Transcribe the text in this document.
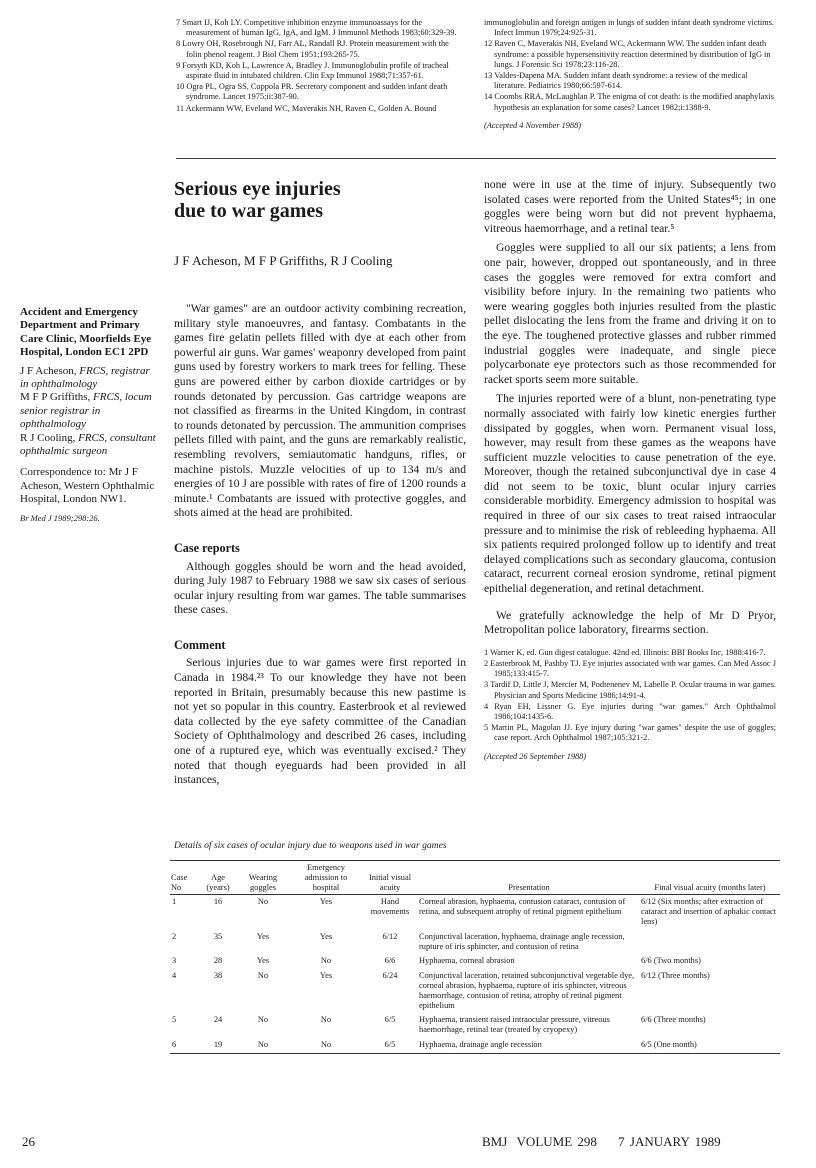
7 Smart IJ, Koh LY. Competitive inhibition enzyme immunoassays for the measurement of human IgG, IgA, and IgM. J Immunol Methods 1983;60:329-39.
8 Lowry OH, Rosebrough NJ, Farr AL, Randall RJ. Protein measurement with the folin phenol reagent. J Biol Chem 1951;193:265-75.
9 Forsyth KD, Koh L, Lawrence A, Bradley J. Immunoglobulin profile of tracheal aspirate fluid in intubated children. Clin Exp Immunol 1988;71:357-61.
10 Ogra PL, Ogra SS, Coppola PR. Secretory component and sudden infant death syndrome. Lancet 1975;ii:387-90.
11 Ackermann WW, Eveland WC, Maverakis NH, Raven C, Golden A. Bound
immunoglobulin and foreign antigen in lungs of sudden infant death syndrome victims. Infect Immun 1979;24:925-31.
12 Raven C, Maverakis NH, Eveland WC, Ackermann WW. The sudden infant death syndrome: a possible hypersensitivity reaction determined by distribution of IgG in lungs. J Forensic Sci 1978;23:116-28.
13 Valdes-Dapena MA. Sudden infant death syndrome: a review of the medical literature. Pediatrics 1980;66:597-614.
14 Coombs RRA, McLaughlan P. The enigma of cot death: is the modified anaphylaxis hypothesis an explanation for some cases? Lancet 1982;i:1388-9.
(Accepted 4 November 1988)
Serious eye injuries due to war games
J F Acheson, M F P Griffiths, R J Cooling

Accident and Emergency Department and Primary Care Clinic, Moorfields Eye Hospital, London EC1 2PD

J F Acheson, FRCS, registrar in ophthalmology
M F P Griffiths, FRCS, locum senior registrar in ophthalmology
R J Cooling, FRCS, consultant ophthalmic surgeon

Correspondence to: Mr J F Acheson, Western Ophthalmic Hospital, London NW1.

Br Med J 1989;298:26.

"War games" are an outdoor activity combining recreation, military style manoeuvres, and fantasy. Combatants in the games fire gelatin pellets filled with dye at each other from powerful air guns. War games' weaponry developed from paint guns used by forestry workers to mark trees for felling. These guns are powered either by carbon dioxide cartridges or by rounds detonated by percussion. Gas cartridge weapons are not classified as firearms in the United Kingdom, in contrast to rounds detonated by percussion. The ammunition comprises pellets filled with paint, and the guns are remarkably realistic, resembling revolvers, semiautomatic handguns, rifles, or machine pistols. Muzzle velocities of up to 134 m/s and energies of 10 J are possible with rates of fire of 1200 rounds a minute.¹ Combatants are issued with protective goggles, and shots aimed at the head are prohibited.

Case reports

Although goggles should be worn and the head avoided, during July 1987 to February 1988 we saw six cases of serious ocular injury resulting from war games. The table summarises these cases.

Comment

Serious injuries due to war games were first reported in Canada in 1984.²³ To our knowledge they have not been reported in Britain, presumably because this new pastime is not yet so popular in this country. Easterbrook et al reviewed data collected by the eye safety committee of the Canadian Society of Ophthalmology and described 26 cases, including one of a ruptured eye, which was eventually excised.² They noted that though eyeguards had been provided in all instances,

none were in use at the time of injury. Subsequently two isolated cases were reported from the United States⁴⁵; in one goggles were being worn but did not prevent hyphaema, vitreous haemorrhage, and a retinal tear.⁵

Goggles were supplied to all our six patients; a lens from one pair, however, dropped out spontaneously, and in three cases the goggles were removed for extra comfort and visibility before injury. In the remaining two patients who were wearing goggles both injuries resulted from the plastic pellet dislocating the lens from the frame and driving it on to the eye. The toughened protective glasses and rubber rimmed industrial goggles were inadequate, and single piece polycarbonate eye protectors such as those recommended for racket sports seem more suitable.

The injuries reported were of a blunt, non-penetrating type normally associated with fairly low kinetic energies further dissipated by goggles, when worn. Permanent visual loss, however, may result from these games as the weapons have sufficient muzzle velocities to cause penetration of the eye. Moreover, though the retained subconjunctival dye in case 4 did not seem to be toxic, blunt ocular injury carries considerable morbidity. Emergency admission to hospital was required in three of our six cases to treat raised intraocular pressure and to minimise the risk of rebleeding hyphaema. All six patients required prolonged follow up to identify and treat delayed complications such as secondary glaucoma, contusion cataract, recurrent corneal erosion syndrome, retinal pigment epithelial degeneration, and retinal detachment.

We gratefully acknowledge the help of Mr D Pryor, Metropolitan police laboratory, firearms section.

1 Warner K, ed. Gun digest catalogue. 42nd ed. Illinois: BBI Books Inc, 1988:416-7.
2 Easterbrook M, Pashby TJ. Eye injuries associated with war games. Can Med Assoc J 1985;133:415-7.
3 Tardif D, Little J, Mercier M, Podtenenev M, Labelle P. Ocular trauma in war games. Physician and Sports Medicine 1986;14:91-4.
4 Ryan EH, Lissner G. Eye injuries during "war games." Arch Ophthalmol 1986;104:1435-6.
5 Martin PL, Magolan JJ. Eye injury during "war games" despite the use of goggles; case report. Arch Ophthalmol 1987;105:321-2.
(Accepted 26 September 1988)
Details of six cases of ocular injury due to weapons used in war games
Case No	Age (years)	Wearing goggles	Emergency admission to hospital	Initial visual acuity	Presentation	Final visual acuity (months later)
1	16	No	Yes	Hand movements	Corneal abrasion, hyphaema, contusion cataract, contusion of retina, and subsequent atrophy of retinal pigment epithelium	6/12 (Six months; after extraction of cataract and insertion of aphakic contact lens)
2	35	Yes	Yes	6/12	Conjunctival laceration, hyphaema, drainage angle recession, rupture of iris sphincter, and contusion of retina	
3	28	Yes	No	6/6	Hyphaema, corneal abrasion	6/6 (Two months)
4	38	No	Yes	6/24	Conjunctival laceration, retained subconjunctival vegetable dye, corneal abrasion, hyphaema, rupture of iris sphincter, vitreous haemorrhage, contusion of retina, atrophy of retinal pigment epithelium	6/12 (Three months)
5	24	No	No	6/5	Hyphaema, transient raised intraocular pressure, vitreous haemorrhage, retinal tear (treated by cryopexy)	6/6 (Three months)
6	19	No	No	6/5	Hyphaema, drainage angle recession	6/5 (One month)
26	BMJ VOLUME 298 7 JANUARY 1989
